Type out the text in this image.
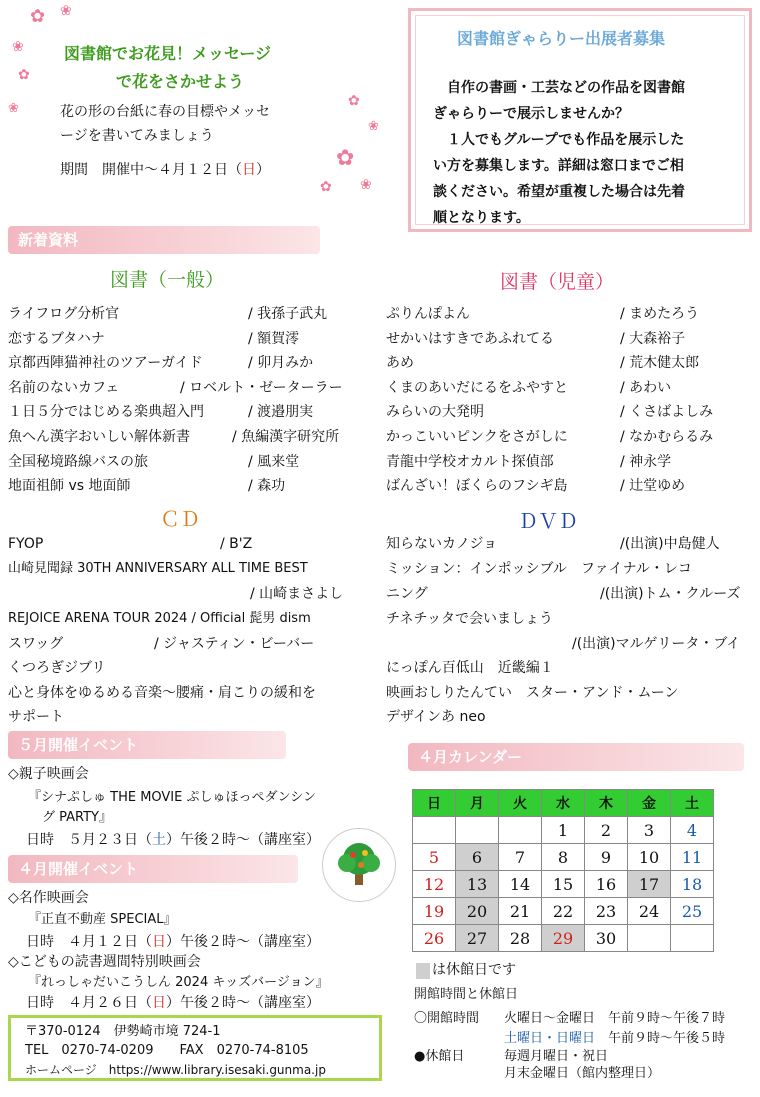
✿ ❀
❀
✿
❀	✿
❀
✿
❀
✿
図書館でお花見！メッセージ
で花をさかせよう
花の形の台紙に春の目標やメッセ
ージを書いてみましょう
期間　開催中～４月１２日（日）
図書館ぎゃらりー出展者募集
　自作の書画・工芸などの作品を図書館
ぎゃらりーで展示しませんか？
　１人でもグループでも作品を展示した
い方を募集します。詳細は窓口までご相
談ください。希望が重複した場合は先着
順となります。
新着資料
図書（一般）
ライフログ分析官	/ 我孫子武丸
恋するブタハナ	/ 額賀澪
京都西陣猫神社のツアーガイド	/ 卯月みか
名前のないカフェ	/ ロベルト・ゼーターラー
１日５分ではじめる楽典超入門	/ 渡邉朋実
魚へん漢字おいしい解体新書	/ 魚編漢字研究所
全国秘境路線バスの旅	/ 風来堂
地面祖師 vs 地面師	/ 森功
図書（児童）
ぷりんぽよん	/ まめたろう
せかいはすきであふれてる	/ 大森裕子
あめ	/ 荒木健太郎
くまのあいだにるをふやすと	/ あわい
みらいの大発明	/ くさばよしみ
かっこいいピンクをさがしに	/ なかむらるみ
青龍中学校オカルト探偵部	/ 神永学
ばんざい！ぼくらのフシギ島	/ 辻堂ゆめ
ＣＤ
FYOP	/ B'Z
山崎見聞録 30TH ANNIVERSARY ALL TIME BEST
/ 山崎まさよし
REJOICE ARENA TOUR 2024 / Official 髭男 dism
スワッグ	/ ジャスティン・ビーバー
くつろぎジブリ
心と身体をゆるめる音楽～腰痛・肩こりの緩和を
サポート
ＤＶＤ
知らないカノジョ	/(出演)中島健人
ミッション：インポッシブル　ファイナル・レコ
ニング	/(出演)トム・クルーズ
チネチッタで会いましょう
/(出演)マルゲリータ・ブイ
にっぽん百低山　近畿編１
映画おしりたんてい　スター・アンド・ムーン
デザインあ neo
５月開催イベント
◇親子映画会
『シナぷしゅ THE MOVIE ぷしゅほっペダンシン
グ PARTY』
日時　５月２３日（土）午後２時～（講座室）
４月開催イベント
◇名作映画会
『正直不動産 SPECIAL』
日時　４月１２日（日）午後２時～（講座室）
◇こどもの読書週間特別映画会
『れっしゃだいこうしん 2024 キッズバージョン』
日時　４月２６日（日）午後２時～（講座室）
４月カレンダー
日	月	火	水	木	金	土
			1	2	3	4
5	6	7	8	9	10	11
12	13	14	15	16	17	18
19	20	21	22	23	24	25
26	27	28	29	30		
は休館日です
開館時間と休館日
〇開館時間 火曜日～金曜日　午前９時～午後７時
土曜日・日曜日　 午前９時～午後５時
●休館日	毎週月曜日・祝日
月末金曜日（館内整理日）
〒370-0124　伊勢崎市境 724-1
TEL　0270-74-0209　　FAX　0270-74-8105
ホームページ　https://www.library.isesaki.gunma.jp
